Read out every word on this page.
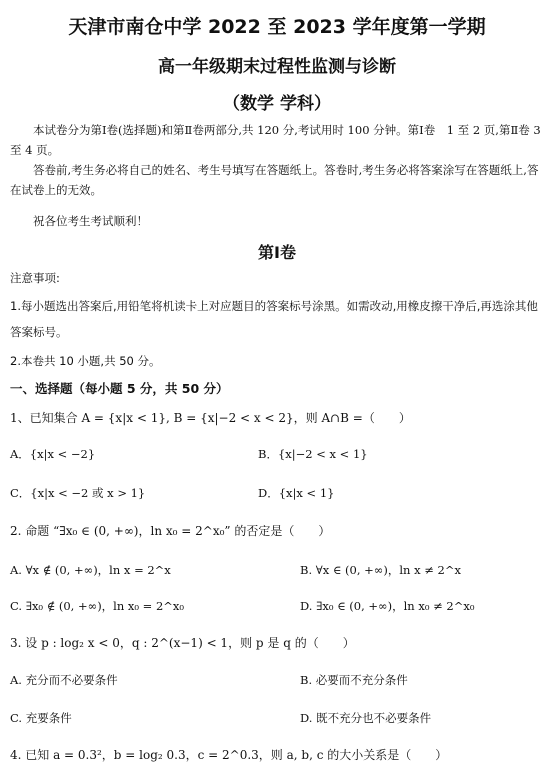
天津市南仓中学 2022 至 2023 学年度第一学期
高一年级期末过程性监测与诊断
（数学 学科）
本试卷分为第Ⅰ卷(选择题)和第Ⅱ卷两部分,共 120 分,考试用时 100 分钟。第Ⅰ卷　1 至 2 页,第Ⅱ卷 3 至 4 页。
答卷前,考生务必将自己的姓名、考生号填写在答题纸上。答卷时,考生务必将答案涂写在答题纸上,答在试卷上的无效。
祝各位考生考试顺利！
第Ⅰ卷
注意事项:
1.每小题选出答案后,用铅笔将机读卡上对应题目的答案标号涂黑。如需改动,用橡皮擦干净后,再选涂其他答案标号。
2.本卷共 10 小题,共 50 分。
一、选择题（每小题 5 分，共 50 分）
1、已知集合 A = {x|x < 1}, B = {x|−2 < x < 2}，则 A∩B =（　　）
A．{x|x < −2}	B．{x|−2 < x < 1}
C．{x|x < −2 或 x > 1}	D．{x|x < 1}
2. 命题 “∃x₀ ∈ (0, +∞)，ln x₀ = 2^x₀” 的否定是（　　）
A. ∀x ∉ (0, +∞)，ln x = 2^x	B. ∀x ∈ (0, +∞)，ln x ≠ 2^x
C. ∃x₀ ∉ (0, +∞)，ln x₀ = 2^x₀	D. ∃x₀ ∈ (0, +∞)，ln x₀ ≠ 2^x₀
3. 设 p : log₂ x < 0，q : 2^(x−1) < 1，则 p 是 q 的（　　）
A. 充分而不必要条件	B. 必要而不充分条件
C. 充要条件	D. 既不充分也不必要条件
4. 已知 a = 0.3²，b = log₂ 0.3，c = 2^0.3，则 a, b, c 的大小关系是（　　）
